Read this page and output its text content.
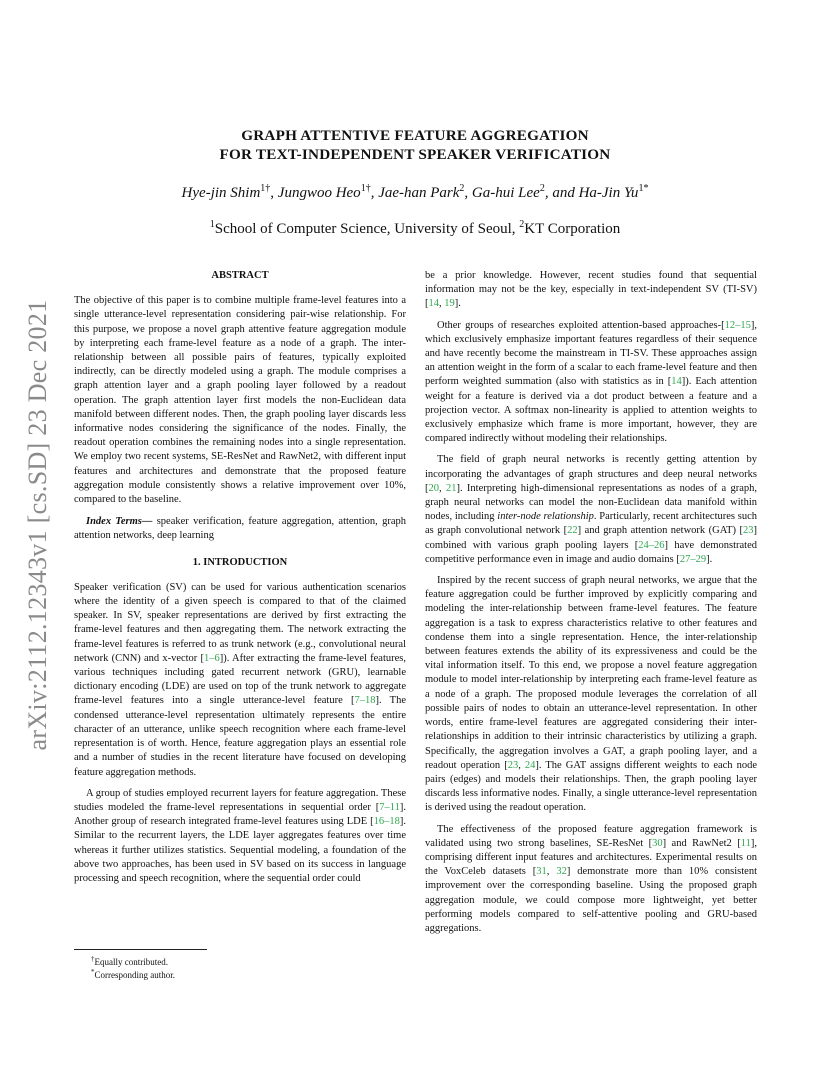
arXiv:2112.12343v1 [cs.SD] 23 Dec 2021
GRAPH ATTENTIVE FEATURE AGGREGATION
FOR TEXT-INDEPENDENT SPEAKER VERIFICATION
Hye-jin Shim$^{1\dagger}$, Jungwoo Heo$^{1\dagger}$, Jae-han Park$^2$, Ga-hui Lee$^2$, and Ha-Jin $Yu^{1*}$
$^1$School of Computer Science, University of Seoul, $^2$KT Corporation

ABSTRACT

The objective of this paper is to combine multiple frame-level features into a single utterance-level representation considering pair-wise relationship. For this purpose, we propose a novel graph attentive feature aggregation module by interpreting each frame-level feature as a node of a graph. The inter-relationship between all possible pairs of features, typically exploited indirectly, can be directly modeled using a graph. The module comprises a graph attention layer and a graph pooling layer followed by a readout operation. The graph attention layer first models the non-Euclidean data manifold between different nodes. Then, the graph pooling layer discards less informative nodes considering the significance of the nodes. Finally, the readout operation combines the remaining nodes into a single representation. We employ two recent systems, SE-ResNet and RawNet2, with different input features and architectures and demonstrate that the proposed feature aggregation module consistently shows a relative improvement over 10%, compared to the baseline.

Index Terms— speaker verification, feature aggregation, attention, graph attention networks, deep learning

1. INTRODUCTION

Speaker verification (SV) can be used for various authentication scenarios where the identity of a given speech is compared to that of the claimed speaker. In SV, speaker representations are derived by first extracting the frame-level features and then aggregating them. The network extracting the frame-level features is referred to as trunk network (e.g., convolutional neural network (CNN) and x-vector [1–6]). After extracting the frame-level features, various techniques including gated recurrent network (GRU), learnable dictionary encoding (LDE) are used on top of the trunk network to aggregate frame-level features into a single utterance-level feature [7–18]. The condensed utterance-level representation ultimately represents the entire character of an utterance, unlike speech recognition where each frame-level representation is of worth. Hence, feature aggregation plays an essential role and a number of studies in the recent literature have focused on developing feature aggregation methods.

A group of studies employed recurrent layers for feature aggregation. These studies modeled the frame-level representations in sequential order [7–11]. Another group of research integrated frame-level features using LDE [16–18]. Similar to the recurrent layers, the LDE layer aggregates features over time whereas it further utilizes statistics. Sequential modeling, a foundation of the above two approaches, has been used in SV based on its success in language processing and speech recognition, where the sequential order could

be a prior knowledge. However, recent studies found that sequential information may not be the key, especially in text-independent SV (TI-SV) [14, 19].

Other groups of researches exploited attention-based approaches-[12–15], which exclusively emphasize important features regardless of their sequence and have recently become the mainstream in TI-SV. These approaches assign an attention weight in the form of a scalar to each frame-level feature and then perform weighted summation (also with statistics as in [14]). Each attention weight for a feature is derived via a dot product between a feature and a projection vector. A softmax non-linearity is applied to attention weights to exclusively emphasize which frame is more important, however, they are compared indirectly without modeling their relationships.

The field of graph neural networks is recently getting attention by incorporating the advantages of graph structures and deep neural networks [20, 21]. Interpreting high-dimensional representations as nodes of a graph, graph neural networks can model the non-Euclidean data manifold within nodes, including inter-node relationship. Particularly, recent architectures such as graph convolutional network [22] and graph attention network (GAT) [23] combined with various graph pooling layers [24–26] have demonstrated competitive performance even in image and audio domains [27–29].

Inspired by the recent success of graph neural networks, we argue that the feature aggregation could be further improved by explicitly comparing and modeling the inter-relationship between frame-level features. The feature aggregation is a task to express characteristics relative to other features and condense them into a single representation. Hence, the inter-relationship between features extends the ability of its expressiveness and could be the vital information itself. To this end, we propose a novel feature aggregation module to model inter-relationship by interpreting each frame-level feature as a node of a graph. The proposed module leverages the correlation of all possible pairs of nodes to obtain an utterance-level representation. In other words, entire frame-level features are aggregated considering their inter-relationships in addition to their intrinsic characteristics by utilizing a graph. Specifically, the aggregation involves a GAT, a graph pooling layer, and a readout operation [23, 24]. The GAT assigns different weights to each node pairs (edges) and models their relationships. Then, the graph pooling layer discards less informative nodes. Finally, a single utterance-level representation is derived using the readout operation.

The effectiveness of the proposed feature aggregation framework is validated using two strong baselines, SE-ResNet [30] and RawNet2 [11], comprising different input features and architectures. Experimental results on the VoxCeleb datasets [31, 32] demonstrate more than 10% consistent improvement over the corresponding baseline. Using the proposed graph aggregation module, we could compose more lightweight, yet better performing models compared to self-attentive pooling and GRU-based aggregations.

†Equally contributed.
*Corresponding author.
